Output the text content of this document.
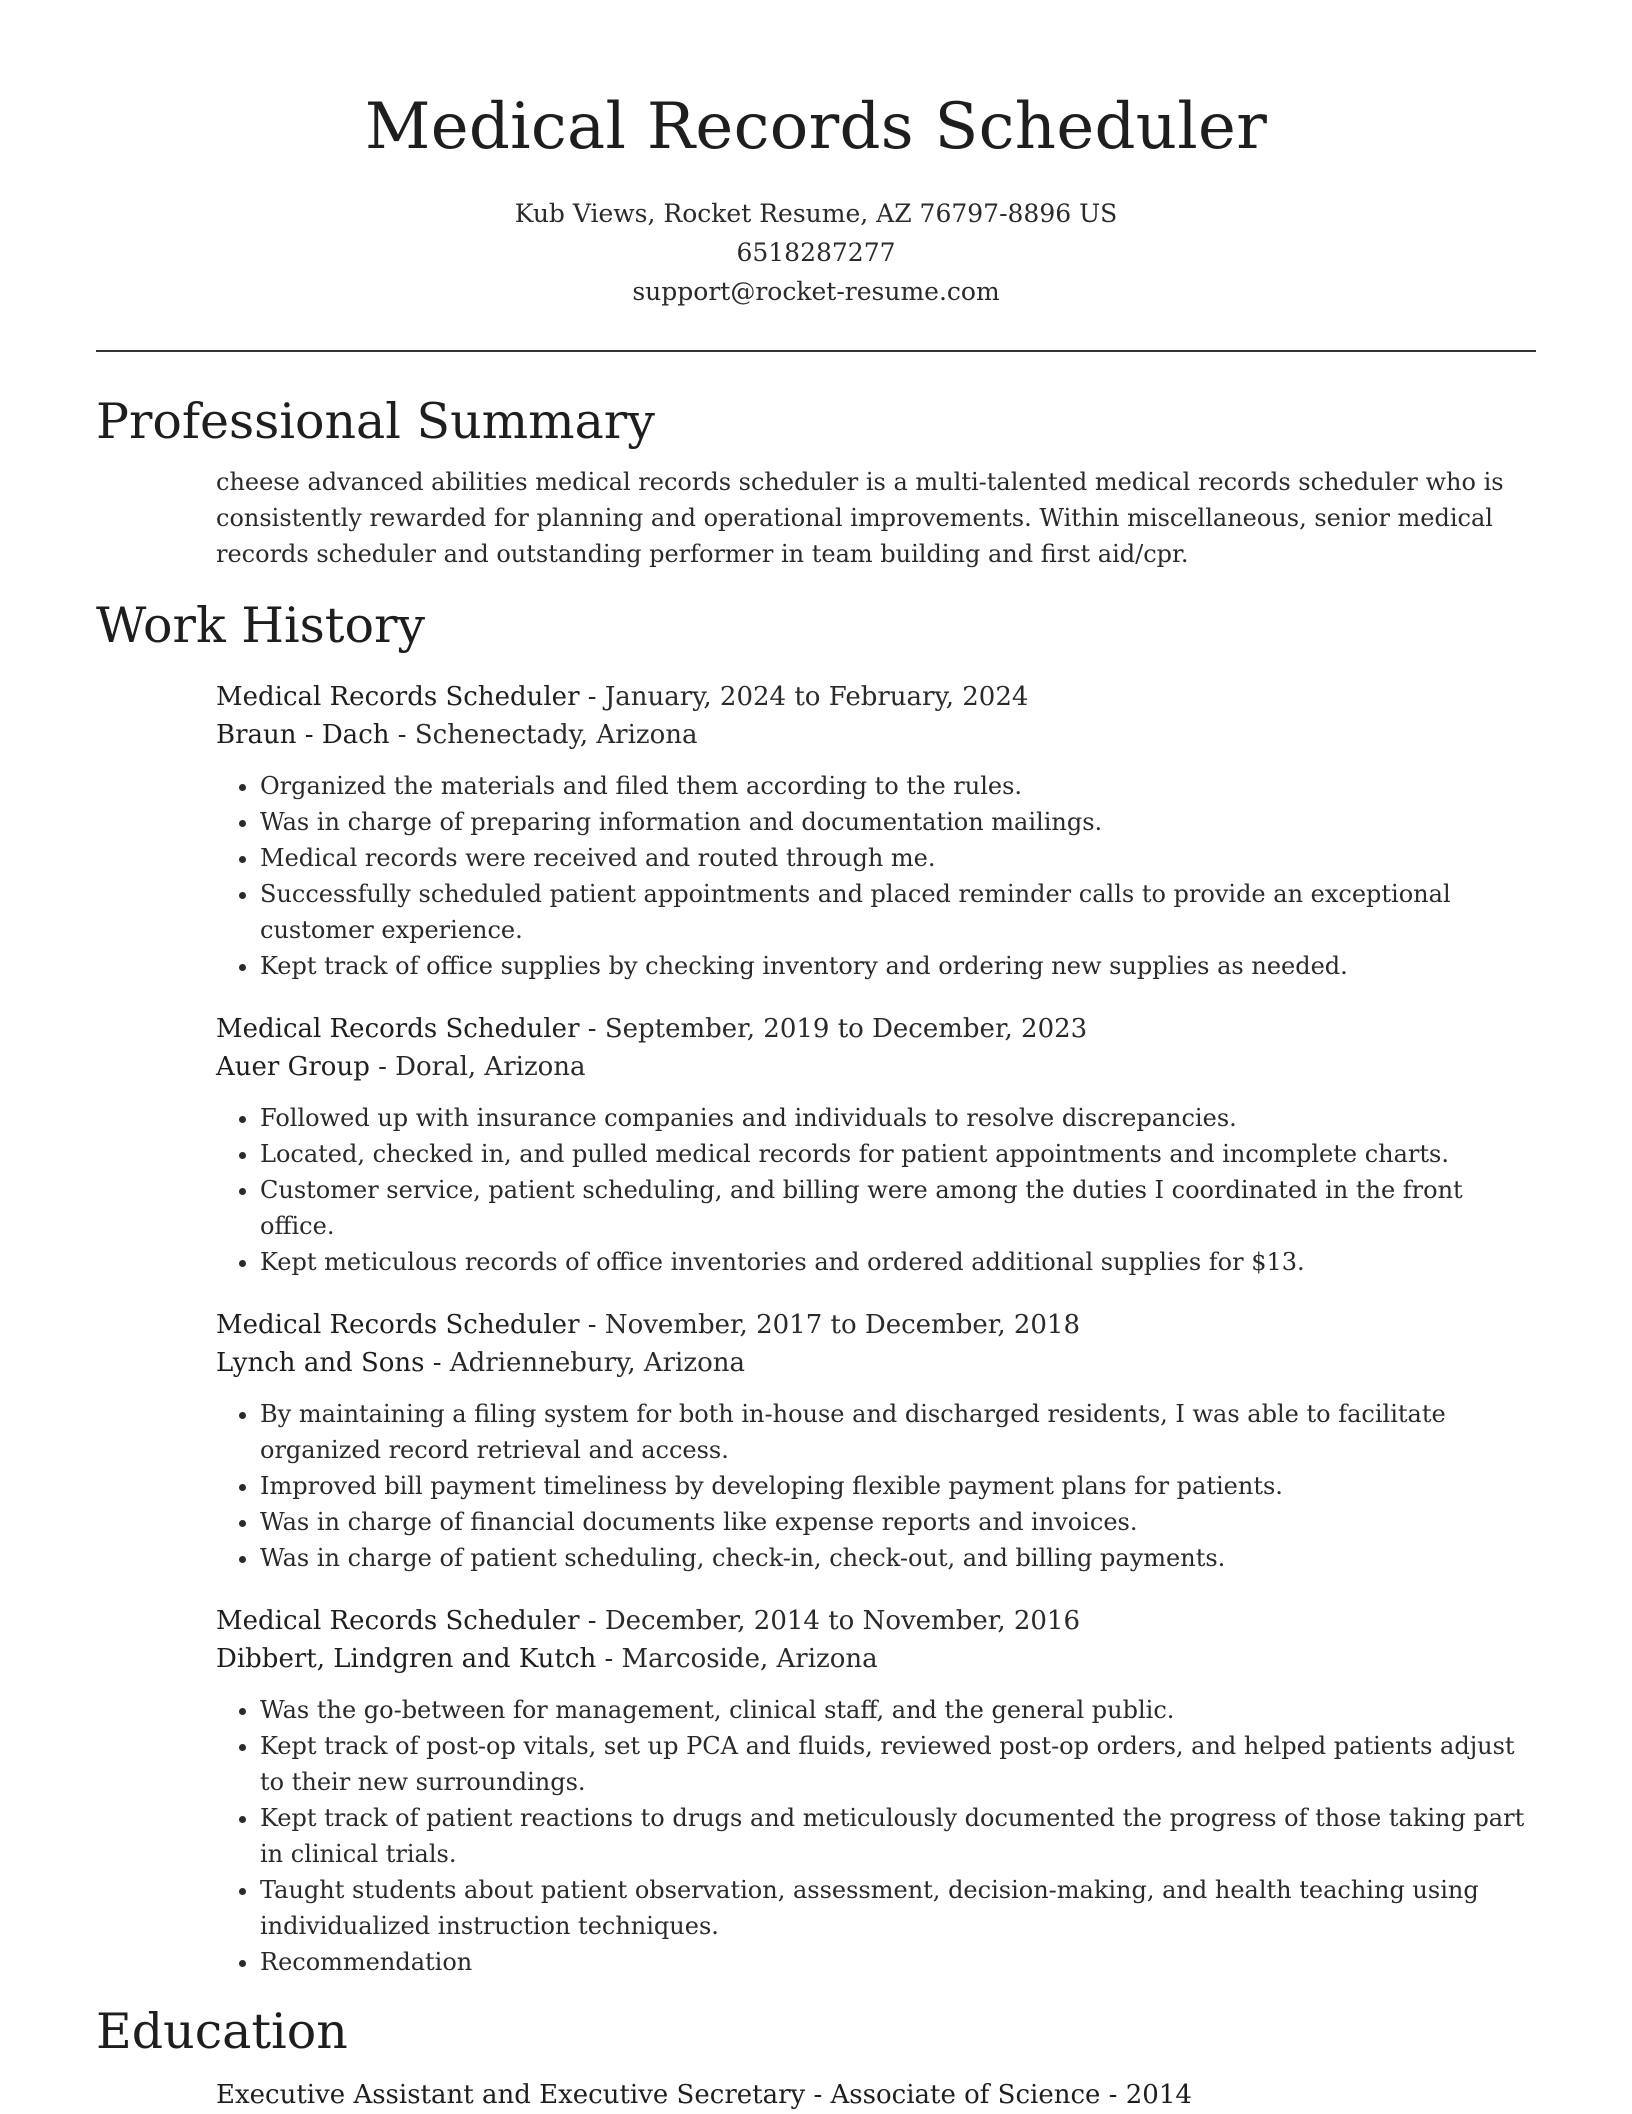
Medical Records Scheduler
Kub Views, Rocket Resume, AZ 76797-8896 US
6518287277
support@rocket-resume.com
Professional Summary
cheese advanced abilities medical records scheduler is a multi-talented medical records scheduler who is consistently rewarded for planning and operational improvements. Within miscellaneous, senior medical records scheduler and outstanding performer in team building and first aid/cpr.
Work History
Medical Records Scheduler - January, 2024 to February, 2024
Braun - Dach - Schenectady, Arizona
• Organized the materials and filed them according to the rules.
• Was in charge of preparing information and documentation mailings.
• Medical records were received and routed through me.
• Successfully scheduled patient appointments and placed reminder calls to provide an exceptional customer experience.
• Kept track of office supplies by checking inventory and ordering new supplies as needed.
Medical Records Scheduler - September, 2019 to December, 2023
Auer Group - Doral, Arizona
• Followed up with insurance companies and individuals to resolve discrepancies.
• Located, checked in, and pulled medical records for patient appointments and incomplete charts.
• Customer service, patient scheduling, and billing were among the duties I coordinated in the front office.
• Kept meticulous records of office inventories and ordered additional supplies for $13.
Medical Records Scheduler - November, 2017 to December, 2018
Lynch and Sons - Adriennebury, Arizona
• By maintaining a filing system for both in-house and discharged residents, I was able to facilitate organized record retrieval and access.
• Improved bill payment timeliness by developing flexible payment plans for patients.
• Was in charge of financial documents like expense reports and invoices.
• Was in charge of patient scheduling, check-in, check-out, and billing payments.
Medical Records Scheduler - December, 2014 to November, 2016
Dibbert, Lindgren and Kutch - Marcoside, Arizona
• Was the go-between for management, clinical staff, and the general public.
• Kept track of post-op vitals, set up PCA and fluids, reviewed post-op orders, and helped patients adjust to their new surroundings.
• Kept track of patient reactions to drugs and meticulously documented the progress of those taking part in clinical trials.
• Taught students about patient observation, assessment, decision-making, and health teaching using individualized instruction techniques.
• Recommendation
Education
Executive Assistant and Executive Secretary - Associate of Science - 2014
